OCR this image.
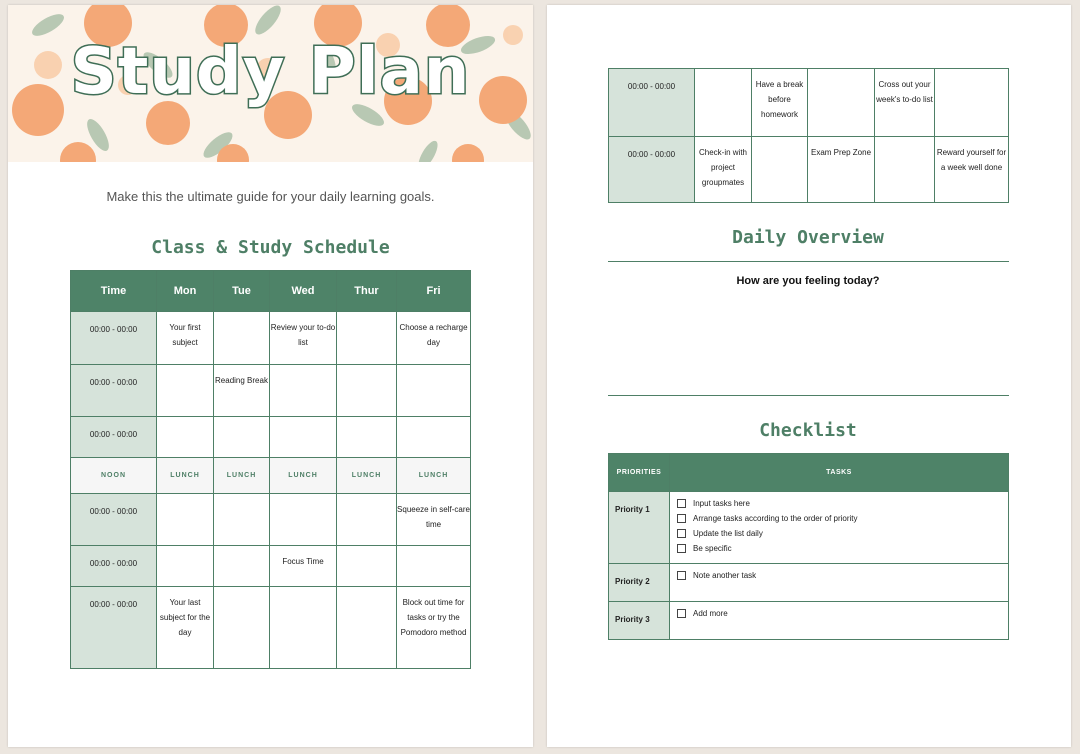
Study Plan
Make this the ultimate guide for your daily learning goals.
Class & Study Schedule
Time	Mon	Tue	Wed	Thur	Fri
00:00 - 00:00	Your first subject		Review your to-do list		Choose a recharge day
00:00 - 00:00		Reading Break			
00:00 - 00:00					
NOON	LUNCH	LUNCH	LUNCH	LUNCH	LUNCH
00:00 - 00:00					Squeeze in self-care time
00:00 - 00:00			Focus Time		
00:00 - 00:00	Your last subject for the day				Block out time for tasks or try the Pomodoro method
00:00 - 00:00		Have a break before homework		Cross out your week's to-do list	
00:00 - 00:00	Check-in with project groupmates		Exam Prep Zone		Reward yourself for a week well done
Daily Overview
How are you feeling today?
Checklist
PRIORITIES	TASKS
Priority 1	Input tasks here
Arrange tasks according to the order of priority
Update the list daily
Be specific

Priority 2	Note another task

Priority 3	Add more
